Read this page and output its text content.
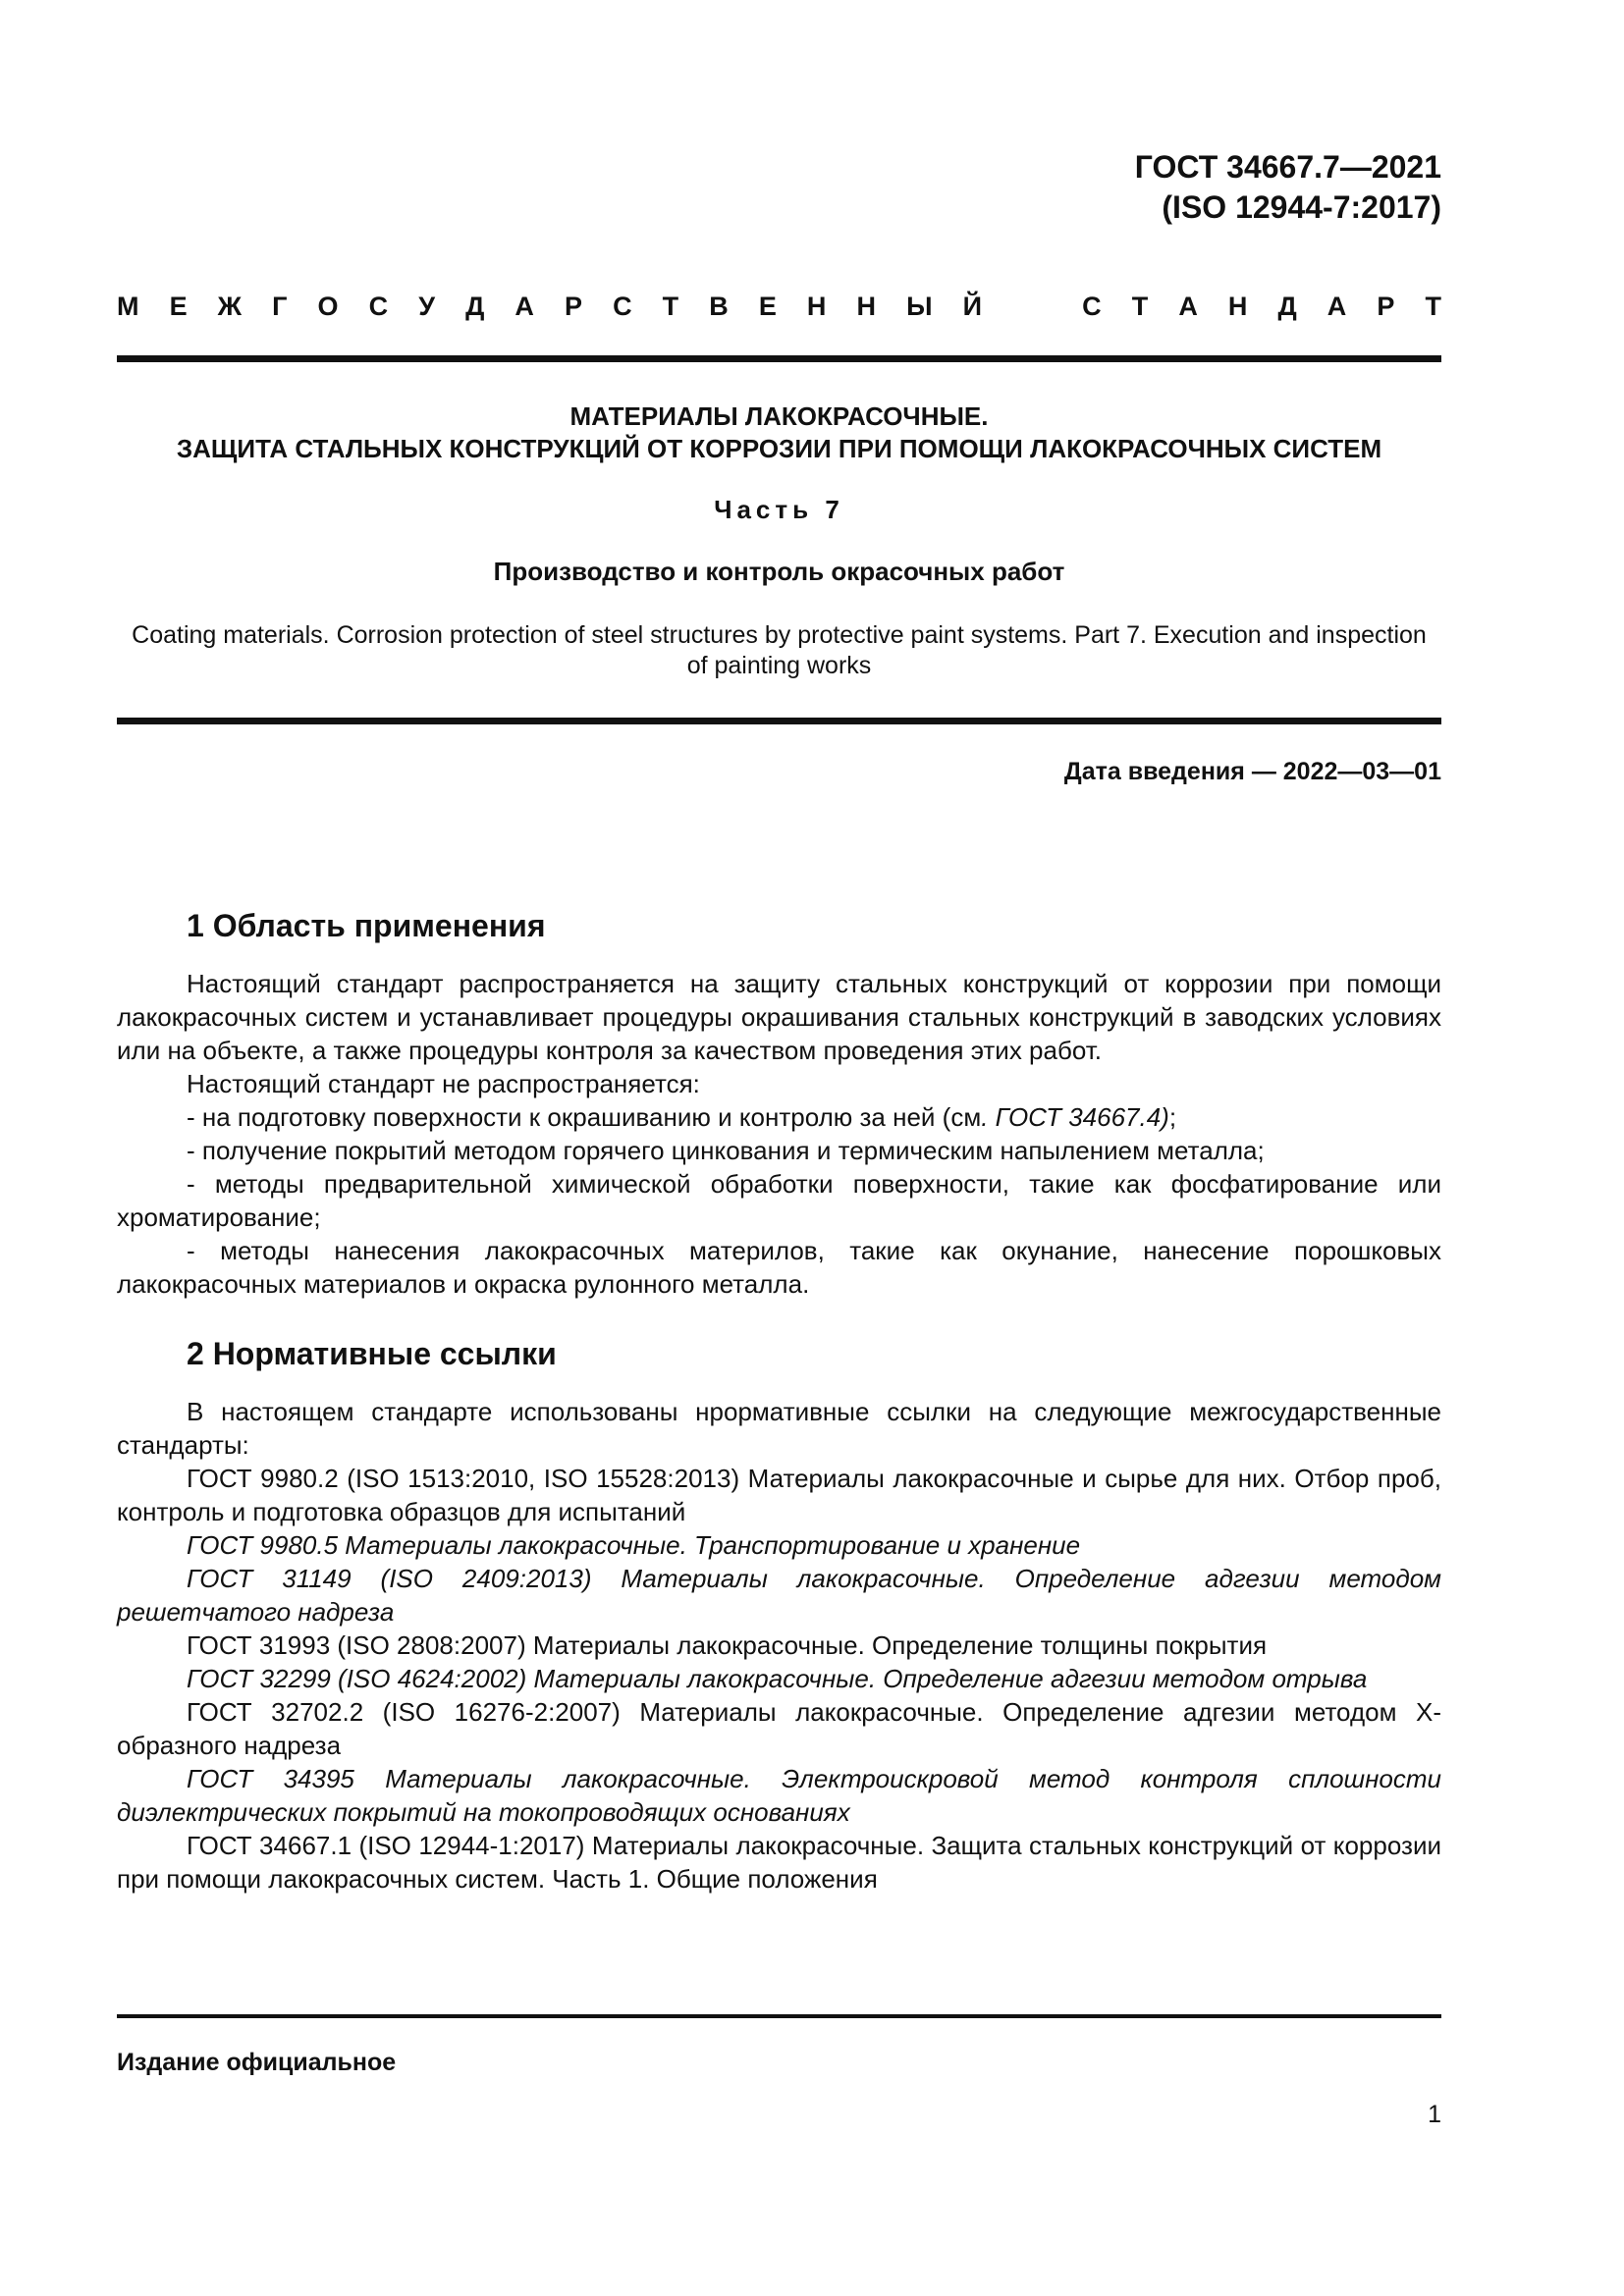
ГОСТ 34667.7—2021
(ISO 12944-7:2017)
М Е Ж Г О С У Д А Р С Т В Е Н Н Ы Й	С Т А Н Д А Р Т
МАТЕРИАЛЫ ЛАКОКРАСОЧНЫЕ.
ЗАЩИТА СТАЛЬНЫХ КОНСТРУКЦИЙ ОТ КОРРОЗИИ ПРИ ПОМОЩИ ЛАКОКРАСОЧНЫХ СИСТЕМ
Часть 7
Производство и контроль окрасочных работ
Coating materials. Corrosion protection of steel structures by protective paint systems. Part 7. Execution and inspection
of painting works
Дата введения — 2022—03—01
1 Область применения

Настоящий стандарт распространяется на защиту стальных конструкций от коррозии при помощи лакокрасочных систем и устанавливает процедуры окрашивания стальных конструкций в заводских условиях или на объекте, а также процедуры контроля за качеством проведения этих работ.

Настоящий стандарт не распространяется:

- на подготовку поверхности к окрашиванию и контролю за ней (см. ГОСТ 34667.4);

- получение покрытий методом горячего цинкования и термическим напылением металла;

- методы предварительной химической обработки поверхности, такие как фосфатирование или хроматирование;

- методы нанесения лакокрасочных материлов, такие как окунание, нанесение порошковых лакокрасочных материалов и окраска рулонного металла.

2 Нормативные ссылки

В настоящем стандарте использованы нрормативные ссылки на следующие межгосударственные стандарты:

ГОСТ 9980.2 (ISO 1513:2010, ISO 15528:2013) Материалы лакокрасочные и сырье для них. Отбор проб, контроль и подготовка образцов для испытаний

ГОСТ 9980.5 Материалы лакокрасочные. Транспортирование и хранение

ГОСТ 31149 (ISO 2409:2013) Материалы лакокрасочные. Определение адгезии методом решетчатого надреза

ГОСТ 31993 (ISO 2808:2007) Материалы лакокрасочные. Определение толщины покрытия

ГОСТ 32299 (ISO 4624:2002) Материалы лакокрасочные. Определение адгезии методом отрыва

ГОСТ 32702.2 (ISO 16276-2:2007) Материалы лакокрасочные. Определение адгезии методом Х-образного надреза

ГОСТ 34395 Материалы лакокрасочные. Электроискровой метод контроля сплошности диэлектрических покрытий на токопроводящих основаниях

ГОСТ 34667.1 (ISO 12944-1:2017) Материалы лакокрасочные. Защита стальных конструкций от коррозии при помощи лакокрасочных систем. Часть 1. Общие положения

Издание официальное
1
